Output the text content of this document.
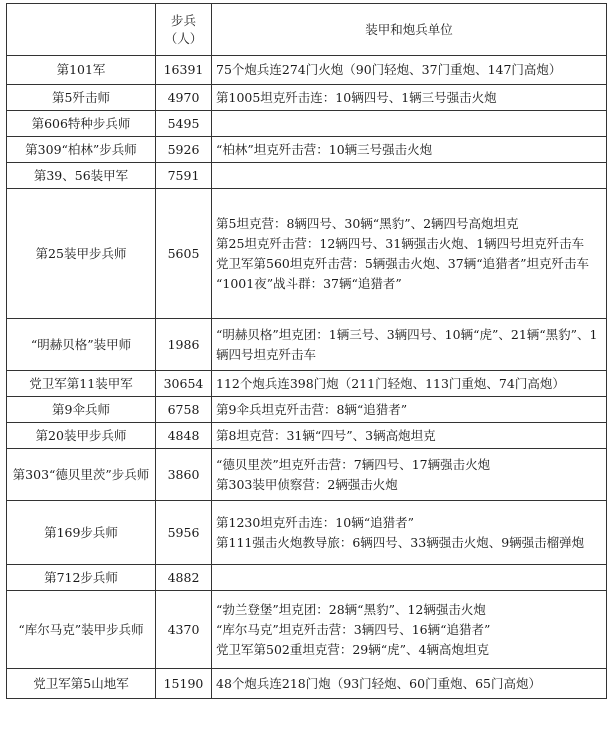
	步兵（人）	装甲和炮兵单位
第101军	16391	75个炮兵连274门火炮（90门轻炮、37门重炮、147门高炮）

第5歼击师	4970	第1005坦克歼击连：10辆四号、1辆三号强击火炮

第606特种步兵师	5495	
第309“柏林”步兵师	5926	“柏林”坦克歼击营：10辆三号强击火炮

第39、56装甲军	7591	
第25装甲步兵师	5605	第5坦克营：8辆四号、30辆“黑豹”、2辆四号高炮坦克
第25坦克歼击营：12辆四号、31辆强击火炮、1辆四号坦克歼击车
党卫军第560坦克歼击营：5辆强击火炮、37辆“追猎者”坦克歼击车
“1001夜”战斗群：37辆“追猎者”

“明赫贝格”装甲师	1986	“明赫贝格”坦克团：1辆三号、3辆四号、10辆“虎”、21辆“黑豹”、1辆四号坦克歼击车

党卫军第11装甲军	30654	112个炮兵连398门炮（211门轻炮、113门重炮、74门高炮）

第9伞兵师	6758	第9伞兵坦克歼击营：8辆“追猎者”

第20装甲步兵师	4848	第8坦克营：31辆“四号”、3辆高炮坦克

第303“德贝里茨”步兵师	3860	“德贝里茨”坦克歼击营：7辆四号、17辆强击火炮
第303装甲侦察营：2辆强击火炮

第169步兵师	5956	第1230坦克歼击连：10辆“追猎者”
第111强击火炮教导旅：6辆四号、33辆强击火炮、9辆强击榴弹炮

第712步兵师	4882	
“库尔马克”装甲步兵师	4370	“勃兰登堡”坦克团：28辆“黑豹”、12辆强击火炮
“库尔马克”坦克歼击营：3辆四号、16辆“追猎者”
党卫军第502重坦克营：29辆“虎”、4辆高炮坦克

党卫军第5山地军	15190	48个炮兵连218门炮（93门轻炮、60门重炮、65门高炮）
